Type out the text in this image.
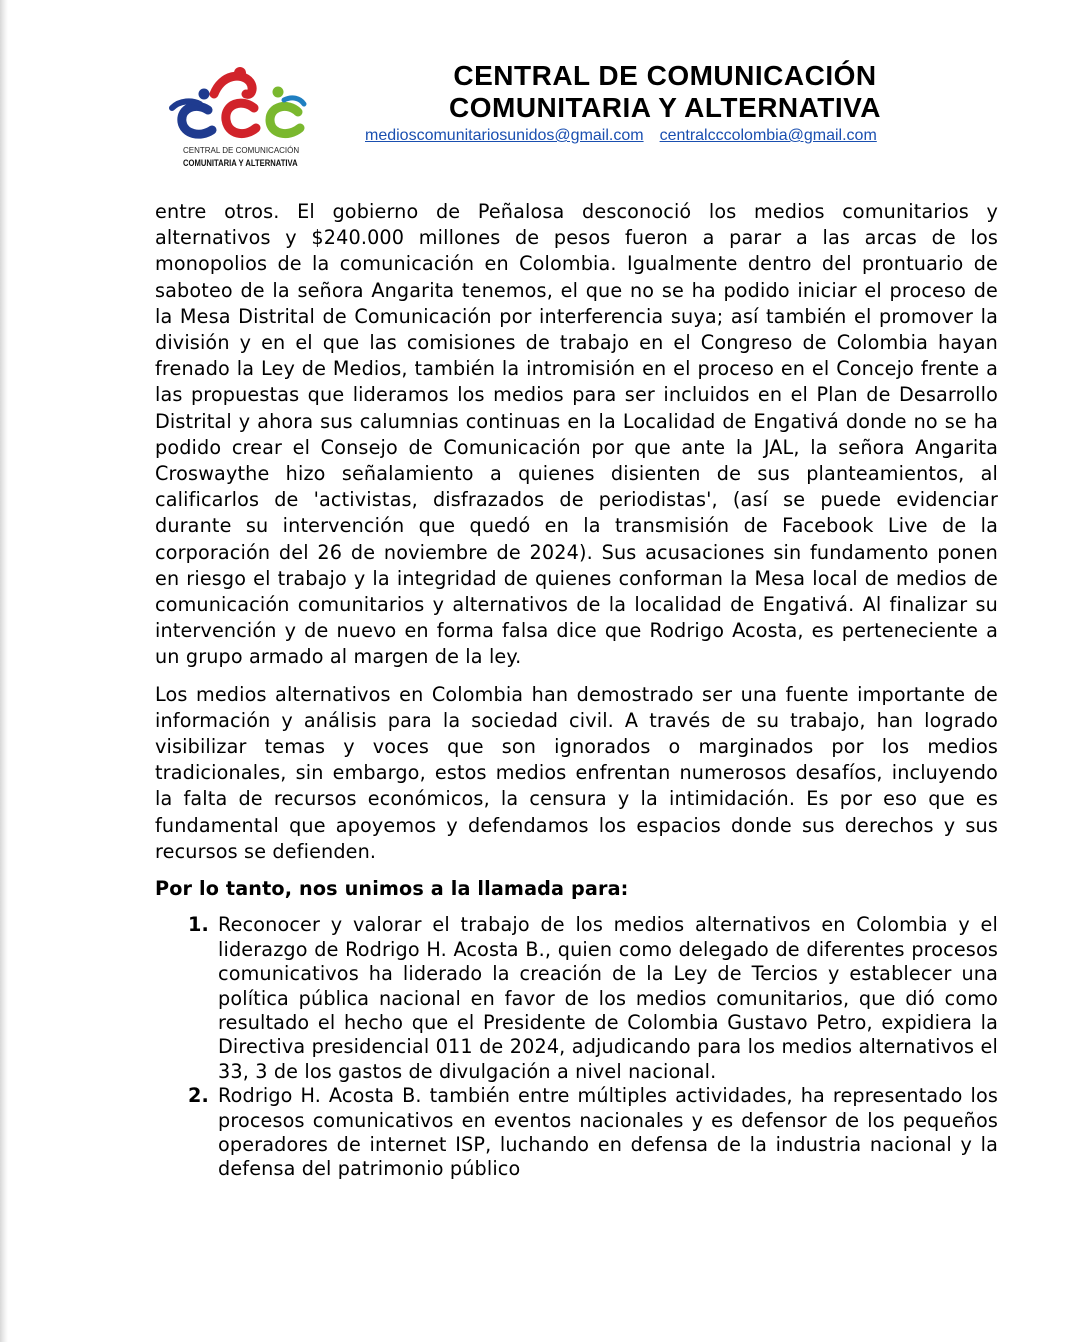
CENTRAL DE COMUNICACIÓN
COMUNITARIA Y ALTERNATIVA
CENTRAL DE COMUNICACIÓN
COMUNITARIA Y ALTERNATIVA
medioscomunitariosunidos@gmail.com centralcccolombia@gmail.com

entre otros. El gobierno de Peñalosa desconoció los medios comunitarios y alternativos y $240.000 millones de pesos fueron a parar a las arcas de los monopolios de la comunicación en Colombia. Igualmente dentro del prontuario de saboteo de la señora Angarita tenemos, el que no se ha podido iniciar el proceso de la Mesa Distrital de Comunicación por interferencia suya; así también el promover la división y en el que las comisiones de trabajo en el Congreso de Colombia hayan frenado la Ley de Medios, también la intromisión en el proceso en el Concejo frente a las propuestas que lideramos los medios para ser incluidos en el Plan de Desarrollo Distrital y ahora sus calumnias continuas en la Localidad de Engativá donde no se ha podido crear el Consejo de Comunicación por que ante la JAL, la señora Angarita Croswaythe hizo señalamiento a quienes disienten de sus planteamientos, al calificarlos de 'activistas, disfrazados de periodistas', (así se puede evidenciar durante su intervención que quedó en la transmisión de Facebook Live de la corporación del 26 de noviembre de 2024). Sus acusaciones sin fundamento ponen en riesgo el trabajo y la integridad de quienes conforman la Mesa local de medios de comunicación comunitarios y alternativos de la localidad de Engativá. Al finalizar su intervención y de nuevo en forma falsa dice que Rodrigo Acosta, es perteneciente a un grupo armado al margen de la ley.

Los medios alternativos en Colombia han demostrado ser una fuente importante de información y análisis para la sociedad civil. A través de su trabajo, han logrado visibilizar temas y voces que son ignorados o marginados por los medios tradicionales, sin embargo, estos medios enfrentan numerosos desafíos, incluyendo la falta de recursos económicos, la censura y la intimidación. Es por eso que es fundamental que apoyemos y defendamos los espacios donde sus derechos y sus recursos se defienden.

Por lo tanto, nos unimos a la llamada para:

1. Reconocer y valorar el trabajo de los medios alternativos en Colombia y el liderazgo de Rodrigo H. Acosta B., quien como delegado de diferentes procesos comunicativos ha liderado la creación de la Ley de Tercios y establecer una política pública nacional en favor de los medios comunitarios, que dió como resultado el hecho que el Presidente de Colombia Gustavo Petro, expidiera la Directiva presidencial 011 de 2024, adjudicando para los medios alternativos el 33, 3 de los gastos de divulgación a nivel nacional.
2. Rodrigo H. Acosta B. también entre múltiples actividades, ha representado los procesos comunicativos en eventos nacionales y es defensor de los pequeños operadores de internet ISP, luchando en defensa de la industria nacional y la defensa del patrimonio público
